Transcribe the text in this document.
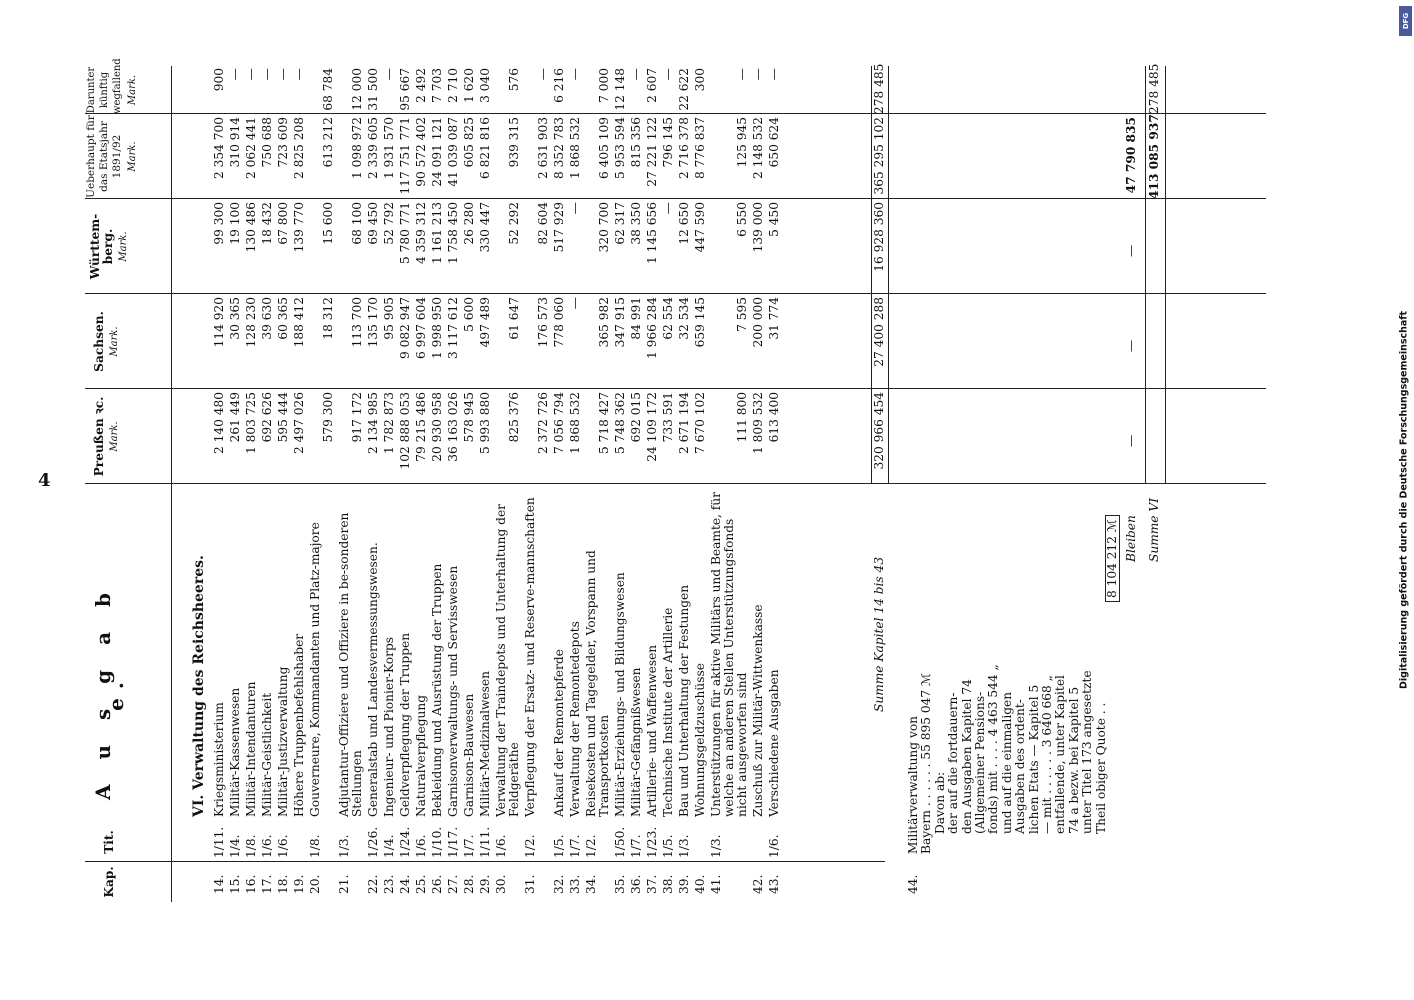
4
Kap.
Tit.
A u s g a b e.
Preußen ꝛc. Mark.
Sachsen. Mark.
Württem-berg. Mark.
Ueberhaupt für das Etatsjahr 1891/92 Mark.
Darunter künftig wegfallend Mark.
VI. Verwaltung des Reichsheeres.
14.
1/11.
Kriegsministerium
2 140 480
114 920
99 300
2 354 700
900
15.
1/4.
Militär-Kassenwesen
261 449
30 365
19 100
310 914
—
16.
1/8.
Militär-Intendanturen
1 803 725
128 230
130 486
2 062 441
—
17.
1/6.
Militär-Geistlichkeit
692 626
39 630
18 432
750 688
—
18.
1/6.
Militär-Justizverwaltung
595 444
60 365
67 800
723 609
—
19.
Höhere Truppenbefehlshaber
2 497 026
188 412
139 770
2 825 208
—
20.
1/8.
Gouverneure, Kommandanten und Platz-majore
579 300
18 312
15 600
613 212
68 784
21.
1/3.
Adjutantur-Offiziere und Offiziere in be-sonderen Stellungen
917 172
113 700
68 100
1 098 972
12 000
22.
1/26.
Generalstab und Landesvermessungswesen.
2 134 985
135 170
69 450
2 339 605
31 500
23.
1/4.
Ingenieur- und Pionier-Korps
1 782 873
95 905
52 792
1 931 570
—
24.
1/24.
Geldverpflegung der Truppen
102 888 053
9 082 947
5 780 771
117 751 771
95 667
25.
1/6.
Naturalverpflegung
79 215 486
6 997 604
4 359 312
90 572 402
2 492
26.
1/10.
Bekleidung und Ausrüstung der Truppen
20 930 958
1 998 950
1 161 213
24 091 121
7 703
27.
1/17.
Garnisonverwaltungs- und Servisswesen
36 163 026
3 117 612
1 758 450
41 039 087
2 710
28.
1/7.
Garnison-Bauwesen
578 945
5 600
26 280
605 825
1 620
29.
1/11.
Militär-Medizinalwesen
5 993 880
497 489
330 447
6 821 816
3 040
30.
1/6.
Verwaltung der Traindepots und Unterhaltung der Feldgeräthe
825 376
61 647
52 292
939 315
576
31.
1/2.
Verpflegung der Ersatz- und Reserve-mannschaften
2 372 726
176 573
82 604
2 631 903
—
32.
1/5.
Ankauf der Remontepferde
7 056 794
778 060
517 929
8 352 783
6 216
33.
1/7.
Verwaltung der Remontedepots
1 868 532
—
—
1 868 532
—
34.
1/2.
Reisekosten und Tagegelder, Vorspann und Transportkosten
5 718 427
365 982
320 700
6 405 109
7 000
35.
1/50.
Militär-Erziehungs- und Bildungswesen
5 748 362
347 915
62 317
5 953 594
12 148
36.
1/7.
Militär-Gefängnißwesen
692 015
84 991
38 350
815 356
—
37.
1/23.
Artillerie- und Waffenwesen
24 109 172
1 966 284
1 145 656
27 221 122
2 607
38.
1/5.
Technische Institute der Artillerie
733 591
62 554
—
796 145
—
39.
1/3.
Bau und Unterhaltung der Festungen
2 671 194
32 534
12 650
2 716 378
22 622
40.
Wohnungsgeldzuschüsse
7 670 102
659 145
447 590
8 776 837
300
41.
1/3.
Unterstützungen für aktive Militärs und Beamte, für welche an anderen Stellen Unterstützungsfonds nicht ausgeworfen sind
111 800
7 595
6 550
125 945
—
42.
Zuschuß zur Militär-Wittwenkasse
1 809 532
200 000
139 000
2 148 532
—
43.
1/6.
Verschiedene Ausgaben
613 400
31 774
5 450
650 624
—
Summe Kapitel 14 bis 43
320 966 454
27 400 288
16 928 360
365 295 102
278 485
44.
Militärverwaltung von Bayern . . . . . . 55 895 047 ℳ Davon ab: der auf die fortdauern- den Ausgaben Kapitel 74 (Allgemeiner Pensions- fonds) mit . . . . 4 463 544 „ und auf die einmaligen Ausgaben des ordent- lichen Etats — Kapitel 5 — mit . . . . . . 3 640 668 „ entfallende, unter Kapitel 74 a bezw. bei Kapitel 5 unter Titel 173 angesetzte Theil obiger Quote . .
8 104 212 ℳ Bleiben
47 790 835
Summe VI
—
—
—
413 085 937
278 485
Digitalisierung gefördert durch die Deutsche Forschungsgemeinschaft
DFG
